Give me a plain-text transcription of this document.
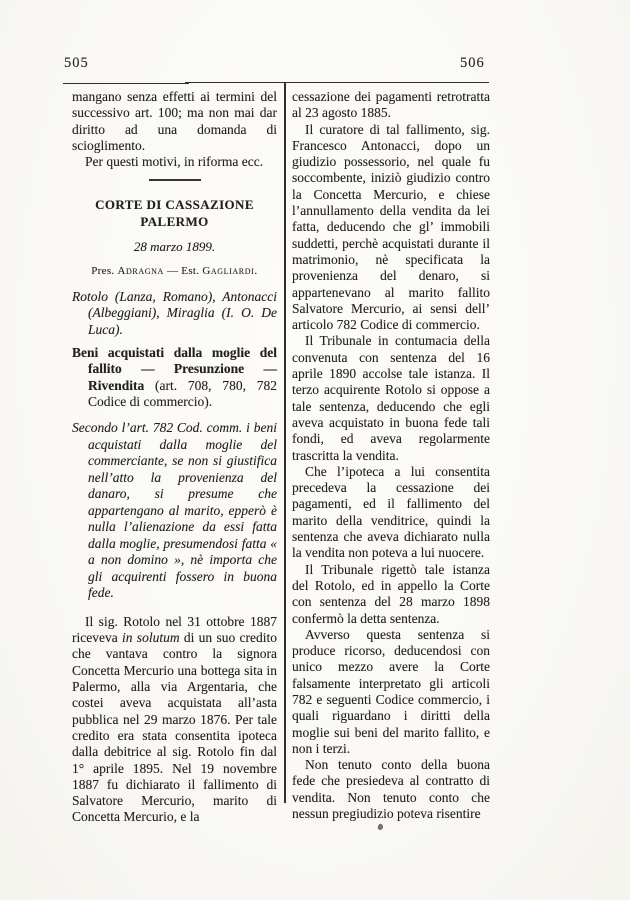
505	506

mangano senza effetti ai termini del successivo art. 100; ma non mai dar diritto ad una domanda di scioglimento.

Per questi motivi, in riforma ecc.

CORTE DI CASSAZIONE
PALERMO

28 marzo 1899.

Pres. Adragna — Est. Gagliardi.

Rotolo (Lanza, Romano), Antonacci (Albeggiani), Miraglia (I. O. De Luca).

Beni acquistati dalla moglie del fallito — Presunzione — Rivendita (art. 708, 780, 782 Codice di commercio).

Secondo l’art. 782 Cod. comm. i beni acquistati dalla moglie del commerciante, se non si giustifica nell’atto la provenienza del danaro, si presume che appartengano al marito, epperò è nulla l’alienazione da essi fatta dalla moglie, presumendosi fatta « a non domino », nè importa che gli acquirenti fossero in buona fede.

Il sig. Rotolo nel 31 ottobre 1887 riceveva in solutum di un suo credito che vantava contro la signora Concetta Mercurio una bottega sita in Palermo, alla via Argentaria, che costei aveva acquistata all’asta pubblica nel 29 marzo 1876. Per tale credito era stata consentita ipoteca dalla debitrice al sig. Rotolo fin dal 1° aprile 1895. Nel 19 novembre 1887 fu dichiarato il fallimento di Salvatore Mercurio, marito di Concetta Mercurio, e la

cessazione dei pagamenti retrotratta al 23 agosto 1885.

Il curatore di tal fallimento, sig. Francesco Antonacci, dopo un giudizio possessorio, nel quale fu soccombente, iniziò giudizio contro la Concetta Mercurio, e chiese l’annullamento della vendita da lei fatta, deducendo che gl’ immobili suddetti, perchè acquistati durante il matrimonio, nè specificata la provenienza del denaro, si appartenevano al marito fallito Salvatore Mercurio, ai sensi dell’ articolo 782 Codice di commercio.

Il Tribunale in contumacia della convenuta con sentenza del 16 aprile 1890 accolse tale istanza. Il terzo acquirente Rotolo si oppose a tale sentenza, deducendo che egli aveva acquistato in buona fede tali fondi, ed aveva regolarmente trascritta la vendita.

Che l’ipoteca a lui consentita precedeva la cessazione dei pagamenti, ed il fallimento del marito della venditrice, quindi la sentenza che aveva dichiarato nulla la vendita non poteva a lui nuocere.

Il Tribunale rigettò tale istanza del Rotolo, ed in appello la Corte con sentenza del 28 marzo 1898 confermò la detta sentenza.

Avverso questa sentenza si produce ricorso, deducendosi con unico mezzo avere la Corte falsamente interpretato gli articoli 782 e seguenti Codice commercio, i quali riguardano i diritti della moglie sui beni del marito fallito, e non i terzi.

Non tenuto conto della buona fede che presiedeva al contratto di vendita. Non tenuto conto che nessun pregiudizio poteva risentire
